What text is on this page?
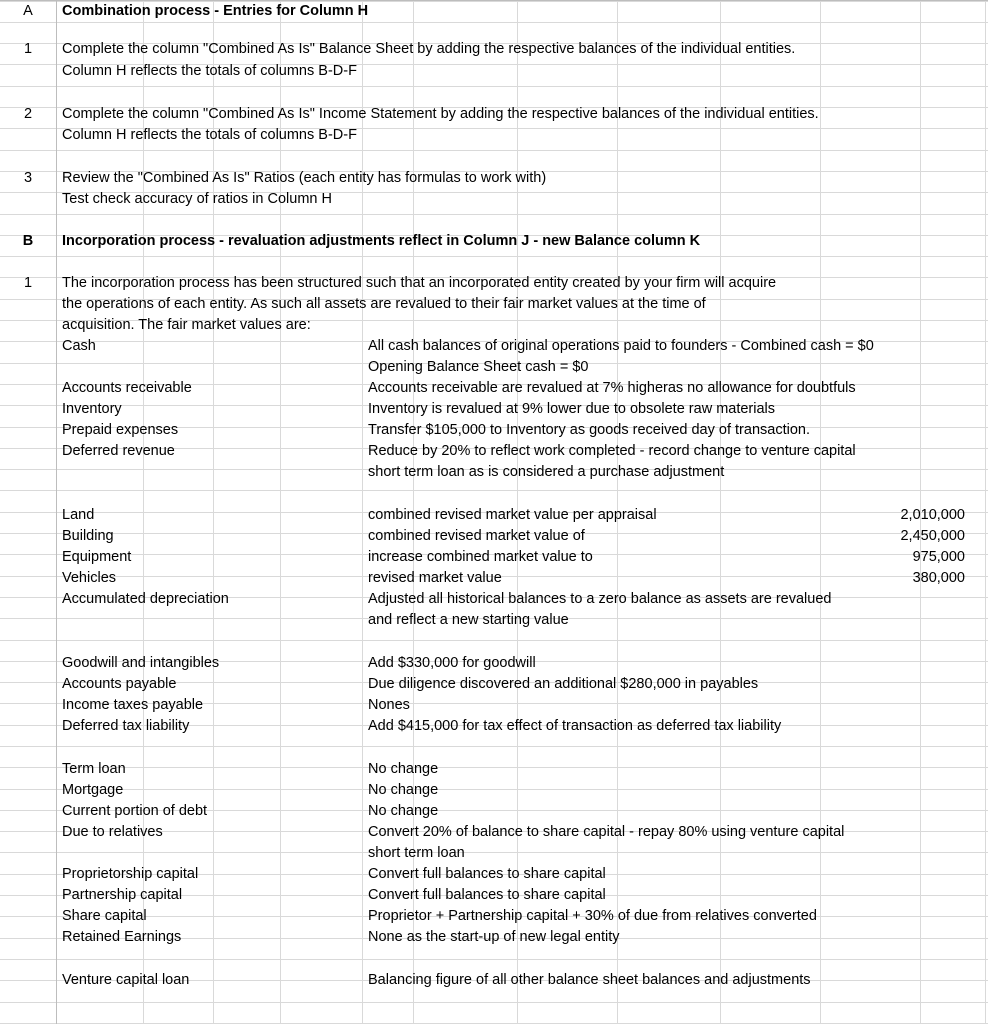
A	Combination process - Entries for Column H
1	Complete the column "Combined As Is" Balance Sheet by adding the respective balances of the individual entities.
Column H reflects the totals of columns B-D-F
2	Complete the column "Combined As Is" Income Statement by adding the respective balances of the individual entities.
Column H reflects the totals of columns B-D-F
3	Review the "Combined As Is" Ratios (each entity has formulas to work with)
Test check accuracy of ratios in Column H
B	Incorporation process - revaluation adjustments reflect in Column J - new Balance column K
1	The incorporation process has been structured such that an incorporated entity created by your firm will acquire
the operations of each entity. As such all assets are revalued to their fair market values at the time of
acquisition. The fair market values are:
Cash	All cash balances of original operations paid to founders - Combined cash = $0
Opening Balance Sheet cash = $0
Accounts receivable	Accounts receivable are revalued at 7% higheras no allowance for doubtfuls
Inventory	Inventory is revalued at 9% lower due to obsolete raw materials
Prepaid expenses	Transfer $105,000 to Inventory as goods received day of transaction.
Deferred revenue	Reduce by 20% to reflect work completed - record change to venture capital
short term loan as is considered a purchase adjustment
Land	combined revised market value per appraisal	2,010,000
Building	combined revised market value of	2,450,000
Equipment	increase combined market value to	975,000
Vehicles	revised market value	380,000
Accumulated depreciation	Adjusted all historical balances to a zero balance as assets are revalued
and reflect a new starting value
Goodwill and intangibles	Add $330,000 for goodwill
Accounts payable	Due diligence discovered an additional $280,000 in payables
Income taxes payable	Nones
Deferred tax liability	Add $415,000 for tax effect of transaction as deferred tax liability
Term loan	No change
Mortgage	No change
Current portion of debt	No change
Due to relatives	Convert 20% of balance to share capital - repay 80% using venture capital
short term loan
Proprietorship capital	Convert full balances to share capital
Partnership capital	Convert full balances to share capital
Share capital	Proprietor + Partnership capital + 30% of due from relatives converted
Retained Earnings	None as the start-up of new legal entity
Venture capital loan	Balancing figure of all other balance sheet balances and adjustments
